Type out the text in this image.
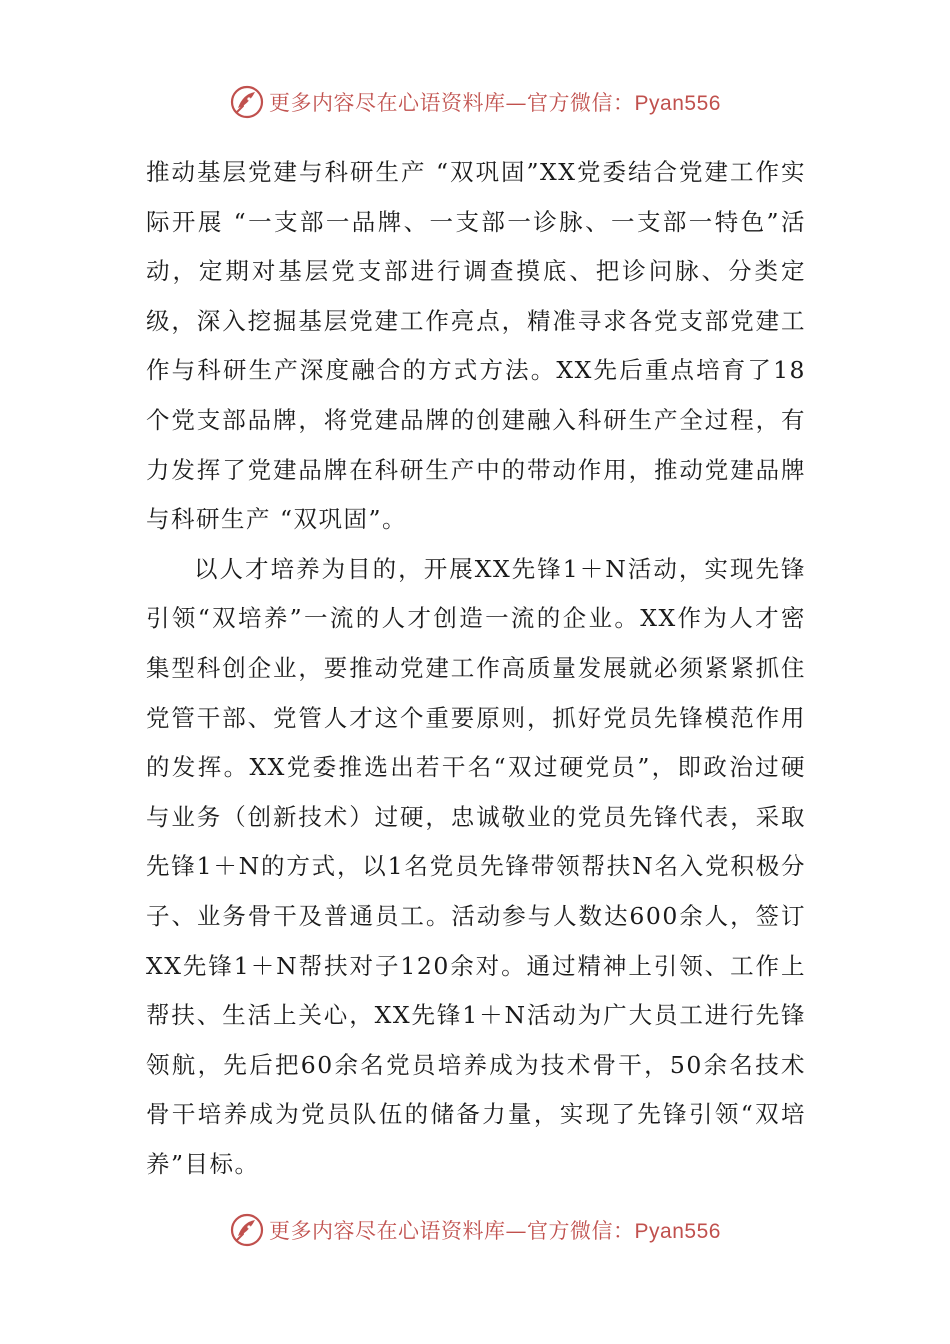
更多内容尽在心语资料库—官方微信：Pyan556

推动基层党建与科研生产 “双巩固”XX党委结合党建工作实际开展 “一支部一品牌、一支部一诊脉、一支部一特色”活动，定期对基层党支部进行调查摸底、把诊问脉、分类定级，深入挖掘基层党建工作亮点，精准寻求各党支部党建工作与科研生产深度融合的方式方法。XX先后重点培育了18个党支部品牌，将党建品牌的创建融入科研生产全过程，有力发挥了党建品牌在科研生产中的带动作用，推动党建品牌与科研生产 “双巩固”。

以人才培养为目的，开展XX先锋1＋N活动，实现先锋引领“双培养”一流的人才创造一流的企业。XX作为人才密集型科创企业，要推动党建工作高质量发展就必须紧紧抓住党管干部、党管人才这个重要原则，抓好党员先锋模范作用的发挥。XX党委推选出若干名“双过硬党员”，即政治过硬与业务（创新技术）过硬，忠诚敬业的党员先锋代表，采取先锋1＋N的方式，以1名党员先锋带领帮扶N名入党积极分子、业务骨干及普通员工。活动参与人数达600余人，签订XX先锋1＋N帮扶对子120余对。通过精神上引领、工作上帮扶、生活上关心，XX先锋1＋N活动为广大员工进行先锋领航，先后把60余名党员培养成为技术骨干，50余名技术骨干培养成为党员队伍的储备力量，实现了先锋引领“双培养”目标。

更多内容尽在心语资料库—官方微信：Pyan556
